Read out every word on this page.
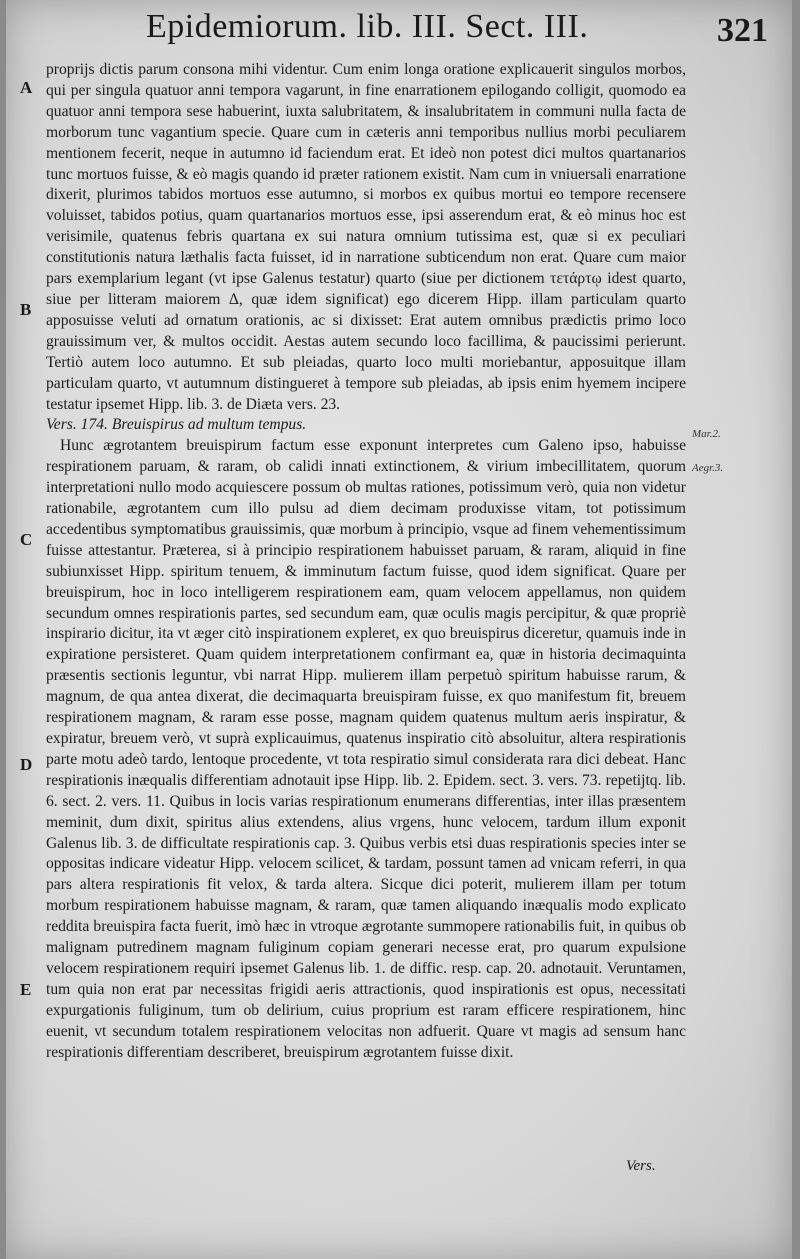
Epidemiorum. lib. III. Sect. III.	321
A
B
C
D
E
Mar.2.
Aegr.3.

proprijs dictis parum consona mihi videntur. Cum enim longa oratione explicauerit singulos morbos, qui per singula quatuor anni tempora vagarunt, in fine enarrationem epilogando colligit, quomodo ea quatuor anni tempora sese habuerint, iuxta salubritatem, & insalubritatem in communi nulla facta de morborum tunc vagantium specie. Quare cum in cæteris anni temporibus nullius morbi peculiarem mentionem fecerit, neque in autumno id faciendum erat. Et ideò non potest dici multos quartanarios tunc mortuos fuisse, & eò magis quando id præter rationem existit. Nam cum in vniuersali enarratione dixerit, plurimos tabidos mortuos esse autumno, si morbos ex quibus mortui eo tempore recensere voluisset, tabidos potius, quam quartanarios mortuos esse, ipsi asserendum erat, & eò minus hoc est verisimile, quatenus febris quartana ex sui natura omnium tutissima est, quæ si ex peculiari constitutionis natura læthalis facta fuisset, id in narratione subticendum non erat. Quare cum maior pars exemplarium legant (vt ipse Galenus testatur) quarto (siue per dictionem τετάρτῳ idest quarto, siue per litteram maiorem Δ, quæ idem significat) ego dicerem Hipp. illam particulam quarto apposuisse veluti ad ornatum orationis, ac si dixisset: Erat autem omnibus prædictis primo loco grauissimum ver, & multos occidit. Aestas autem secundo loco facillima, & paucissimi perierunt. Tertiò autem loco autumno. Et sub pleiadas, quarto loco multi moriebantur, apposuitque illam particulam quarto, vt autumnum distingueret à tempore sub pleiadas, ab ipsis enim hyemem incipere testatur ipsemet Hipp. lib. 3. de Diæta vers. 23.

Vers. 174. Breuispirus ad multum tempus.

Hunc ægrotantem breuispirum factum esse exponunt interpretes cum Galeno ipso, habuisse respirationem paruam, & raram, ob calidi innati extinctionem, & virium imbecillitatem, quorum interpretationi nullo modo acquiescere possum ob multas rationes, potissimum verò, quia non videtur rationabile, ægrotantem cum illo pulsu ad diem decimam produxisse vitam, tot potissimum accedentibus symptomatibus grauissimis, quæ morbum à principio, vsque ad finem vehementissimum fuisse attestantur. Præterea, si à principio respirationem habuisset paruam, & raram, aliquid in fine subiunxisset Hipp. spiritum tenuem, & imminutum factum fuisse, quod idem significat. Quare per breuispirum, hoc in loco intelligerem respirationem eam, quam velocem appellamus, non quidem secundum omnes respirationis partes, sed secundum eam, quæ oculis magis percipitur, & quæ propriè inspirario dicitur, ita vt æger citò inspirationem expleret, ex quo breuispirus diceretur, quamuis inde in expiratione persisteret. Quam quidem interpretationem confirmant ea, quæ in historia decimaquinta præsentis sectionis leguntur, vbi narrat Hipp. mulierem illam perpetuò spiritum habuisse rarum, & magnum, de qua antea dixerat, die decimaquarta breuispiram fuisse, ex quo manifestum fit, breuem respirationem magnam, & raram esse posse, magnam quidem quatenus multum aeris inspiratur, & expiratur, breuem verò, vt suprà explicauimus, quatenus inspiratio citò absoluitur, altera respirationis parte motu adeò tardo, lentoque procedente, vt tota respiratio simul considerata rara dici debeat. Hanc respirationis inæqualis differentiam adnotauit ipse Hipp. lib. 2. Epidem. sect. 3. vers. 73. repetijtq. lib. 6. sect. 2. vers. 11. Quibus in locis varias respirationum enumerans differentias, inter illas præsentem meminit, dum dixit, spiritus alius extendens, alius vrgens, hunc velocem, tardum illum exponit Galenus lib. 3. de difficultate respirationis cap. 3. Quibus verbis etsi duas respirationis species inter se oppositas indicare videatur Hipp. velocem scilicet, & tardam, possunt tamen ad vnicam referri, in qua pars altera respirationis fit velox, & tarda altera. Sicque dici poterit, mulierem illam per totum morbum respirationem habuisse magnam, & raram, quæ tamen aliquando inæqualis modo explicato reddita breuispira facta fuerit, imò hæc in vtroque ægrotante summopere rationabilis fuit, in quibus ob malignam putredinem magnam fuliginum copiam generari necesse erat, pro quarum expulsione velocem respirationem requiri ipsemet Galenus lib. 1. de diffic. resp. cap. 20. adnotauit. Veruntamen, tum quia non erat par necessitas frigidi aeris attractionis, quod inspirationis est opus, necessitati expurgationis fuliginum, tum ob delirium, cuius proprium est raram efficere respirationem, hinc euenit, vt secundum totalem respirationem velocitas non adfuerit. Quare vt magis ad sensum hanc respirationis differentiam describeret, breuispirum ægrotantem fuisse dixit.

Vers.
